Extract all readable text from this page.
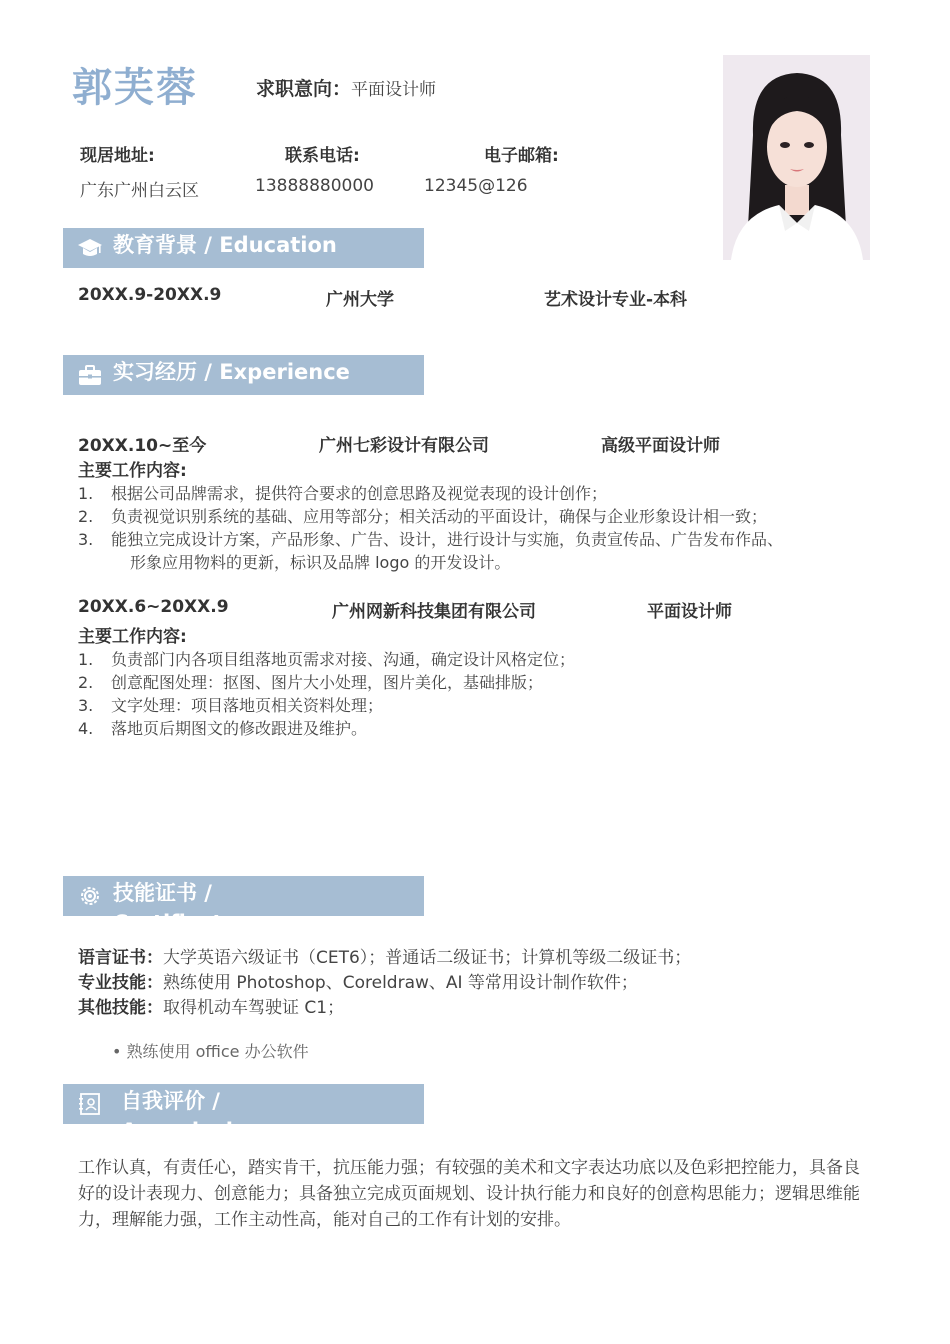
郭芙蓉	求职意向：平面设计师
现居地址:	联系电话:	电子邮箱:
广东广州白云区	13888880000	12345@126
教育背景 / Education
20XX.9-20XX.9	广州大学	艺术设计专业-本科
实习经历 / Experience
20XX.10~至今	广州七彩设计有限公司	高级平面设计师
主要工作内容:
1. 根据公司品牌需求，提供符合要求的创意思路及视觉表现的设计创作；
2. 负责视觉识别系统的基础、应用等部分；相关活动的平面设计，确保与企业形象设计相一致；
3. 能独立完成设计方案，产品形象、广告、设计，进行设计与实施，负责宣传品、广告发布作品、
形象应用物料的更新，标识及品牌 logo 的开发设计。
20XX.6~20XX.9	广州网新科技集团有限公司	平面设计师
主要工作内容:
1. 负责部门内各项目组落地页需求对接、沟通，确定设计风格定位；
2. 创意配图处理：抠图、图片大小处理，图片美化，基础排版；
3. 文字处理：项目落地页相关资料处理；
4. 落地页后期图文的修改跟进及维护。
技能证书 /
Certificate
语言证书：大学英语六级证书（CET6）；普通话二级证书；计算机等级二级证书；
专业技能：熟练使用 Photoshop、Coreldraw、AI 等常用设计制作软件；
其他技能：取得机动车驾驶证 C1；
• 熟练使用 office 办公软件
自我评价 /
Appraisal
工作认真，有责任心，踏实肯干，抗压能力强；有较强的美术和文字表达功底以及色彩把控能力，具备良好的设计表现力、创意能力；具备独立完成页面规划、设计执行能力和良好的创意构思能力；逻辑思维能力，理解能力强，工作主动性高，能对自己的工作有计划的安排。
